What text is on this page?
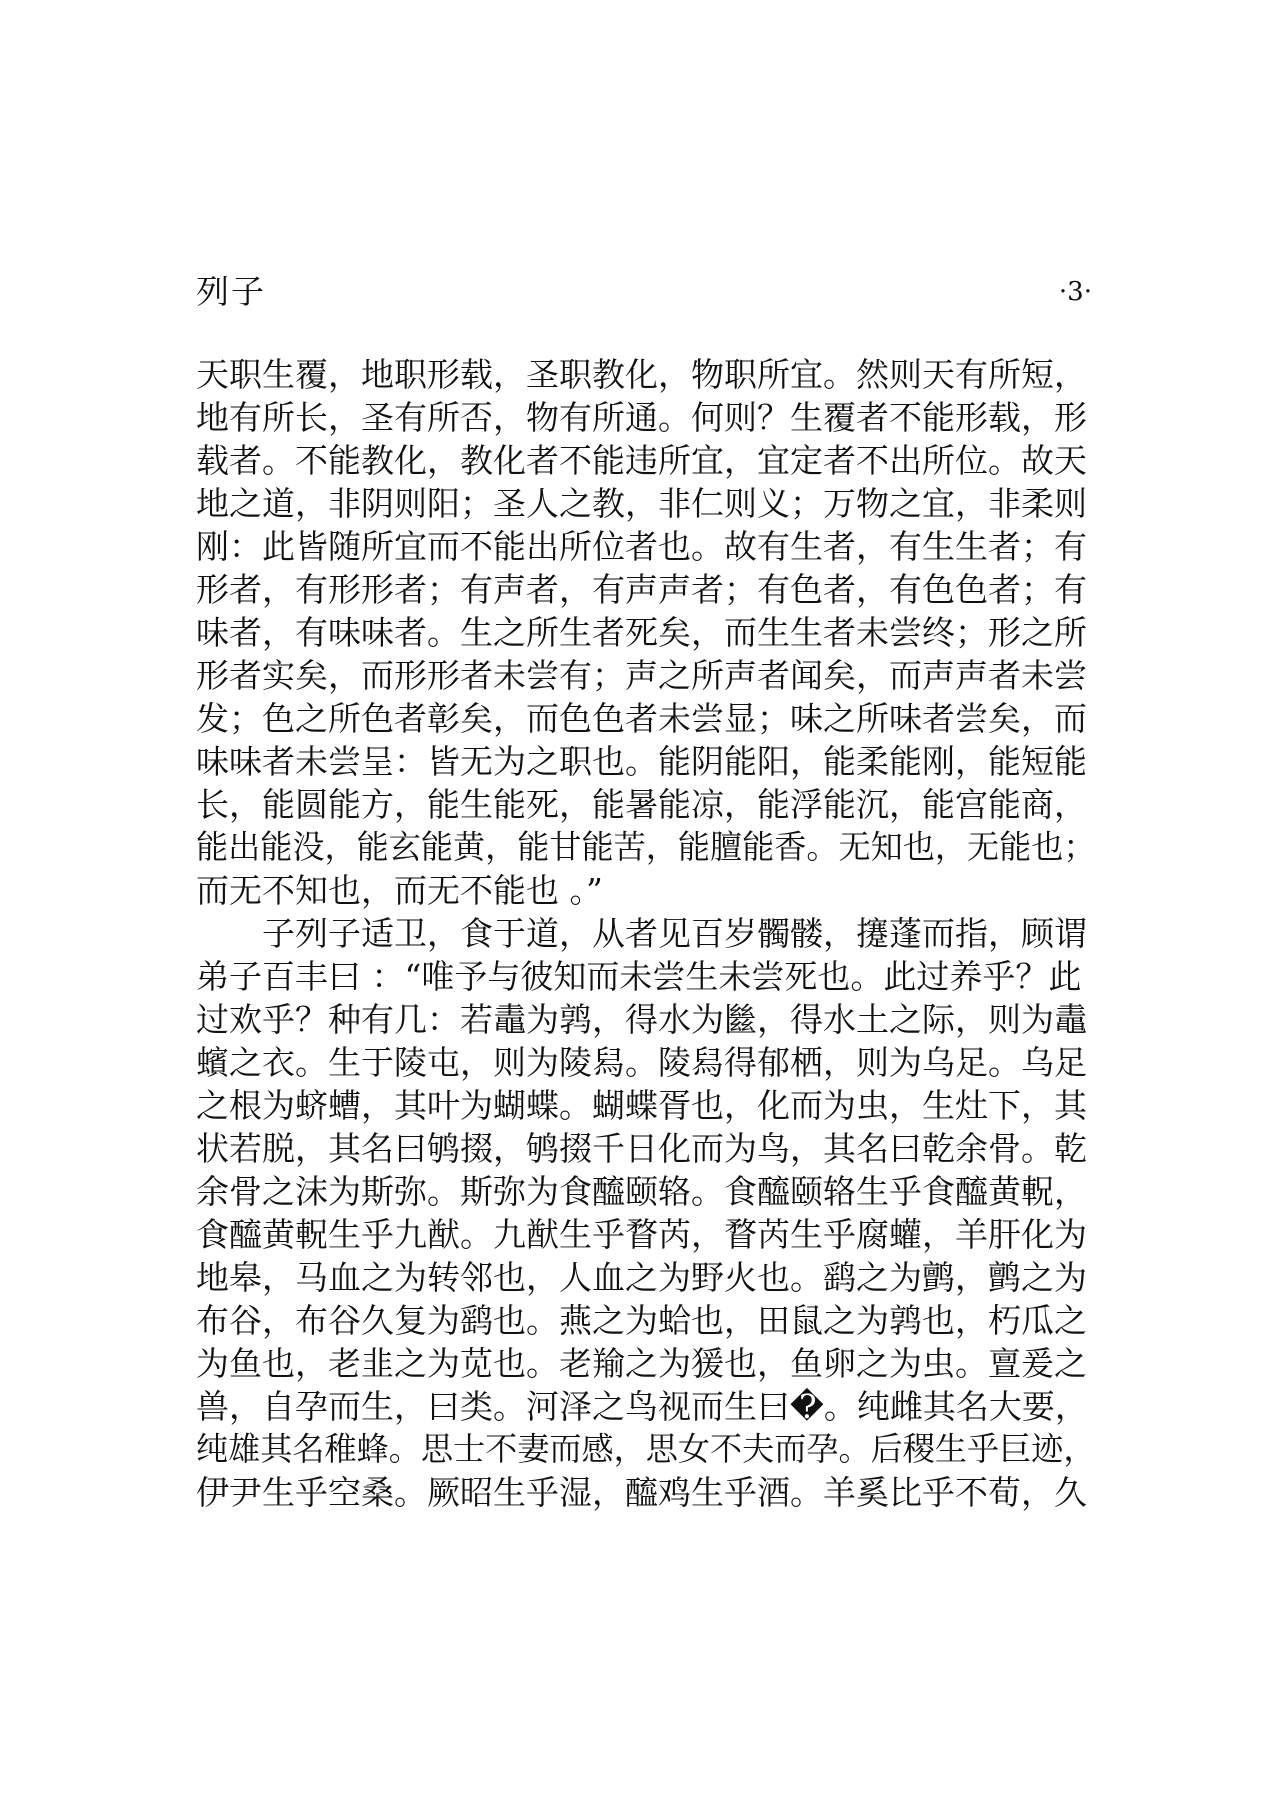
列子	·3·
天职生覆，地职形载，圣职教化，物职所宜。然则天有所短，
地有所长，圣有所否，物有所通。何则？生覆者不能形载，形
载者。不能教化，教化者不能违所宜，宜定者不出所位。故天
地之道，非阴则阳；圣人之教，非仁则义；万物之宜，非柔则
刚：此皆随所宜而不能出所位者也。故有生者，有生生者；有
形者，有形形者；有声者，有声声者；有色者，有色色者；有
味者，有味味者。生之所生者死矣，而生生者未尝终；形之所
形者实矣，而形形者未尝有；声之所声者闻矣，而声声者未尝
发；色之所色者彰矣，而色色者未尝显；味之所味者尝矣，而
味味者未尝呈：皆无为之职也。能阴能阳，能柔能刚，能短能
长，能圆能方，能生能死，能暑能凉，能浮能沉，能宫能商，
能出能没，能玄能黄，能甘能苦，能膻能香。无知也，无能也；
而无不知也，而无不能也 。”
　　子列子适卫，食于道，从者见百岁髑髅，攓蓬而指，顾谓
弟子百丰曰 ：“唯予与彼知而未尝生未尝死也。此过养乎？此
过欢乎？种有几：若鼃为鹑，得水为㡭，得水土之际，则为鼃
蠙之衣。生于陵屯，则为陵舄。陵舄得郁栖，则为乌足。乌足
之根为蛴螬，其叶为蝴蝶。蝴蝶胥也，化而为虫，生灶下，其
状若脱，其名曰鸲掇，鸲掇千日化而为鸟，其名曰乾余骨。乾
余骨之沫为斯弥。斯弥为食醯颐辂。食醯颐辂生乎食醯黄軦，
食醯黄軦生乎九猷。九猷生乎瞀芮，瞀芮生乎腐蠸，羊肝化为
地皋，马血之为转邻也，人血之为野火也。鹞之为鹯，鹯之为
布谷，布谷久复为鹞也。燕之为蛤也，田鼠之为鹑也，朽瓜之
为鱼也，老韭之为苋也。老羭之为猨也，鱼卵之为虫。亶爰之
兽，自孕而生，曰类。河泽之鸟视而生曰�。纯雌其名大要，
纯雄其名稚蜂。思士不妻而感，思女不夫而孕。后稷生乎巨迹，
伊尹生乎空桑。厥昭生乎湿，醯鸡生乎酒。羊奚比乎不荀，久
